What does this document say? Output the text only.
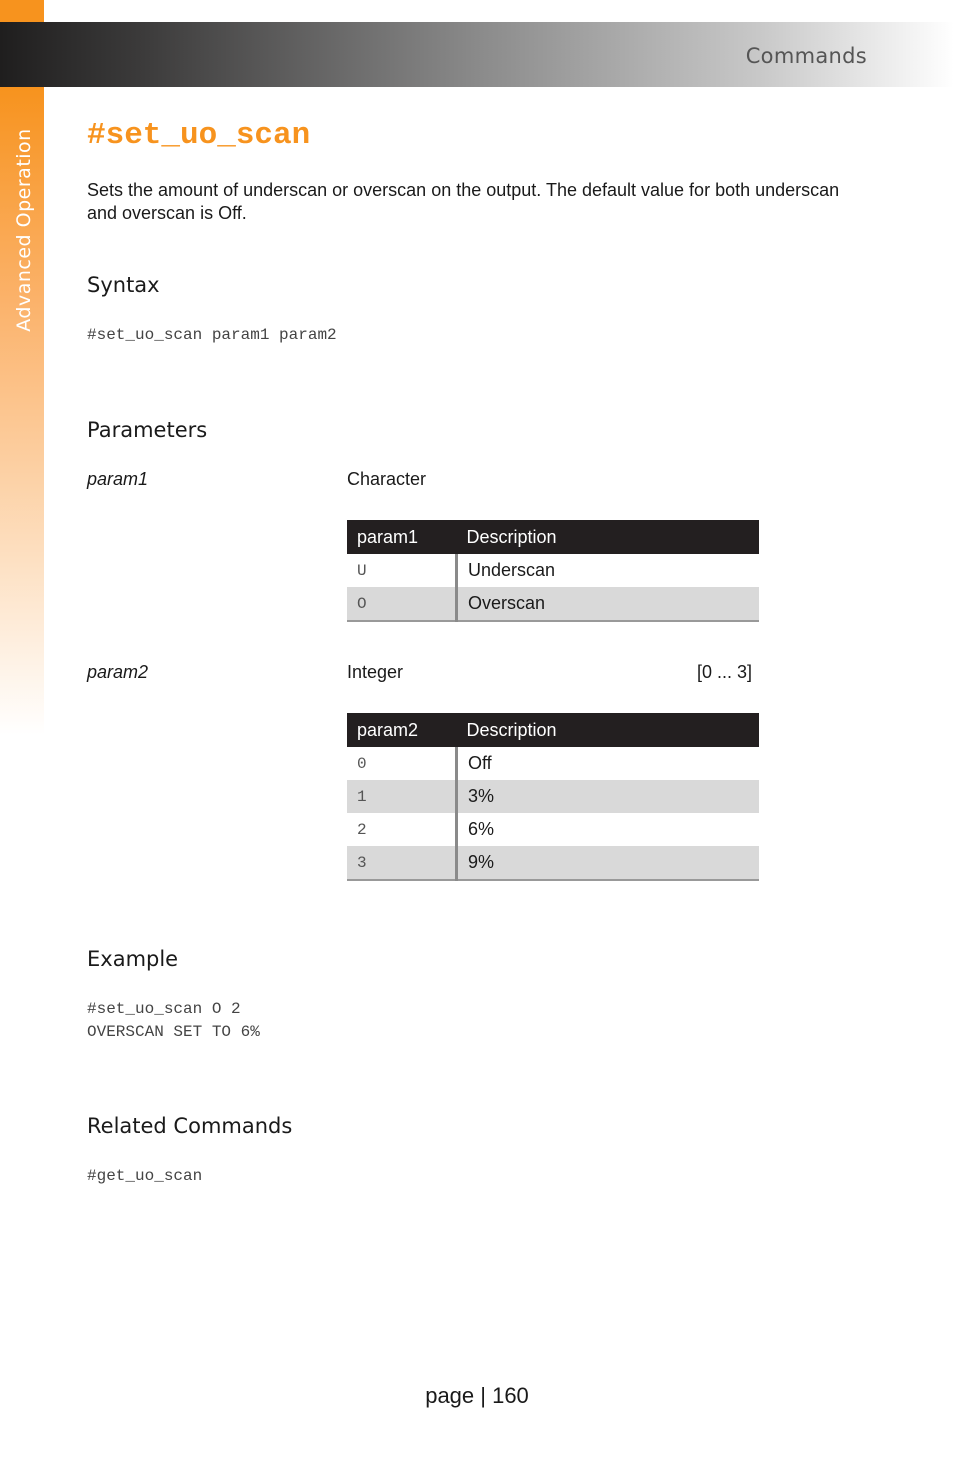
Advanced Operation
Commands
#set_uo_scan

Sets the amount of underscan or overscan on the output. The default value for both underscan and overscan is Off.

Syntax
#set_uo_scan param1 param2
Parameters
param1	Character
param1	Description
U	Underscan
O	Overscan
param2	Integer	[0 ... 3]
param2	Description
0	Off
1	3%
2	6%
3	9%
Example
#set_uo_scan O 2
OVERSCAN SET TO 6%
Related Commands
#get_uo_scan
page | 160
